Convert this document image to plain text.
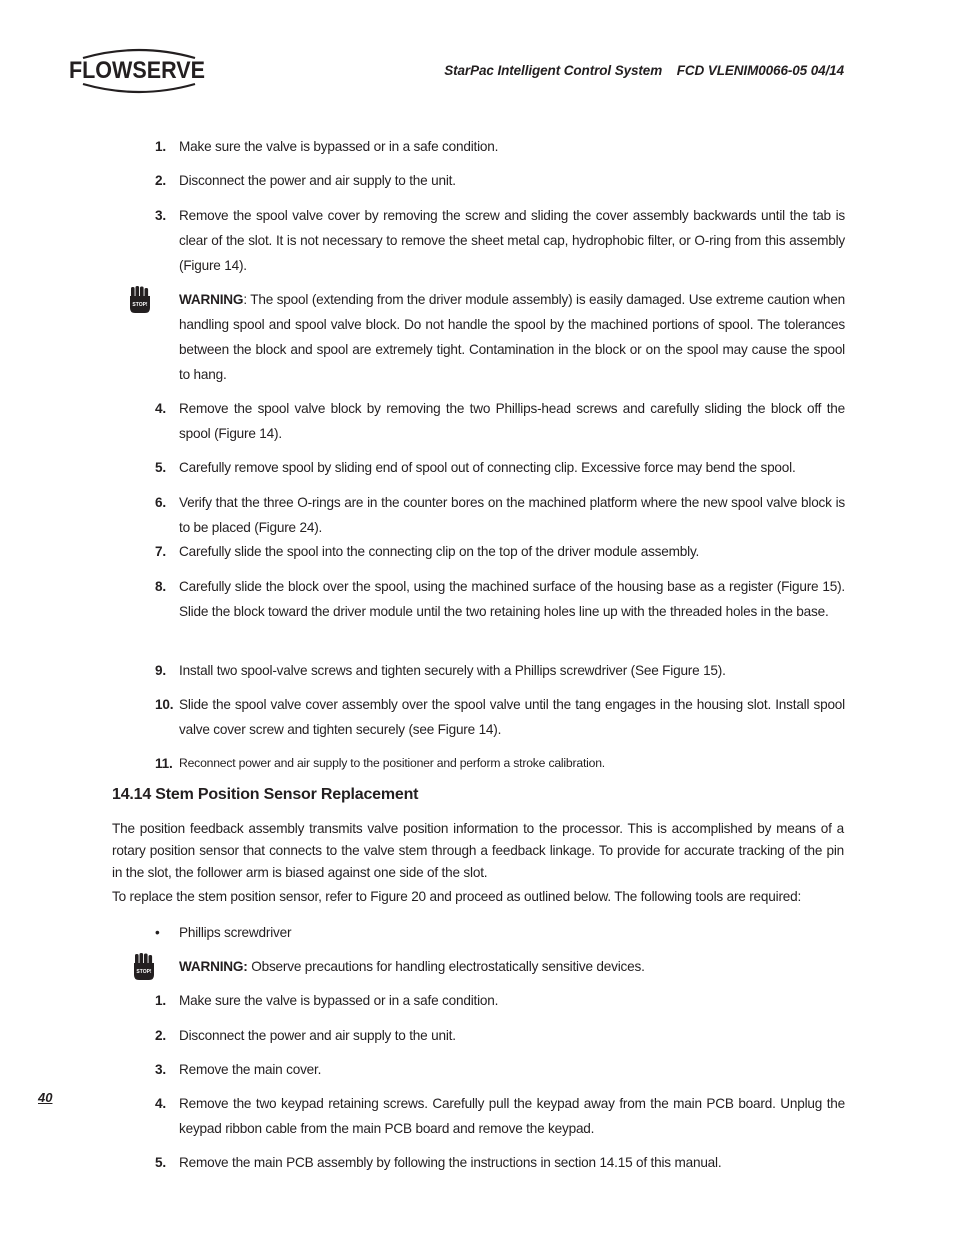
FLOWSERVE	StarPac Intelligent Control System    FCD VLENIM0066-05 04/14
1. Make sure the valve is bypassed or in a safe condition.
2. Disconnect the power and air supply to the unit.
3. Remove the spool valve cover by removing the screw and sliding the cover assembly backwards until the tab is clear of the slot. It is not necessary to remove the sheet metal cap, hydrophobic filter, or O-ring from this assembly (Figure 14).
STOP! WARNING: The spool (extending from the driver module assembly) is easily damaged. Use extreme caution when handling spool and spool valve block. Do not handle the spool by the machined portions of spool. The tolerances between the block and spool are extremely tight. Contamination in the block or on the spool may cause the spool to hang.
4. Remove the spool valve block by removing the two Phillips-head screws and carefully sliding the block off the spool (Figure 14).
5. Carefully remove spool by sliding end of spool out of connecting clip. Excessive force may bend the spool.
6. Verify that the three O-rings are in the counter bores on the machined platform where the new spool valve block is to be placed (Figure 24).
7. Carefully slide the spool into the connecting clip on the top of the driver module assembly.
8. Carefully slide the block over the spool, using the machined surface of the housing base as a register (Figure 15). Slide the block toward the driver module until the two retaining holes line up with the threaded holes in the base.
9. Install two spool-valve screws and tighten securely with a Phillips screwdriver (See Figure 15).
10. Slide the spool valve cover assembly over the spool valve until the tang engages in the housing slot. Install spool valve cover screw and tighten securely (see Figure 14).
11. Reconnect power and air supply to the positioner and perform a stroke calibration.
14.14 Stem Position Sensor Replacement
The position feedback assembly transmits valve position information to the processor. This is accomplished by means of a rotary position sensor that connects to the valve stem through a feedback linkage. To provide for accurate tracking of the pin in the slot, the follower arm is biased against one side of the slot.
To replace the stem position sensor, refer to Figure 20 and proceed as outlined below. The following tools are required:
•	Phillips screwdriver
STOP! WARNING: Observe precautions for handling electrostatically sensitive devices.
1. Make sure the valve is bypassed or in a safe condition.
2. Disconnect the power and air supply to the unit.
3. Remove the main cover.
4. Remove the two keypad retaining screws. Carefully pull the keypad away from the main PCB board. Unplug the keypad ribbon cable from the main PCB board and remove the keypad.
5. Remove the main PCB assembly by following the instructions in section 14.15 of this manual.
40
